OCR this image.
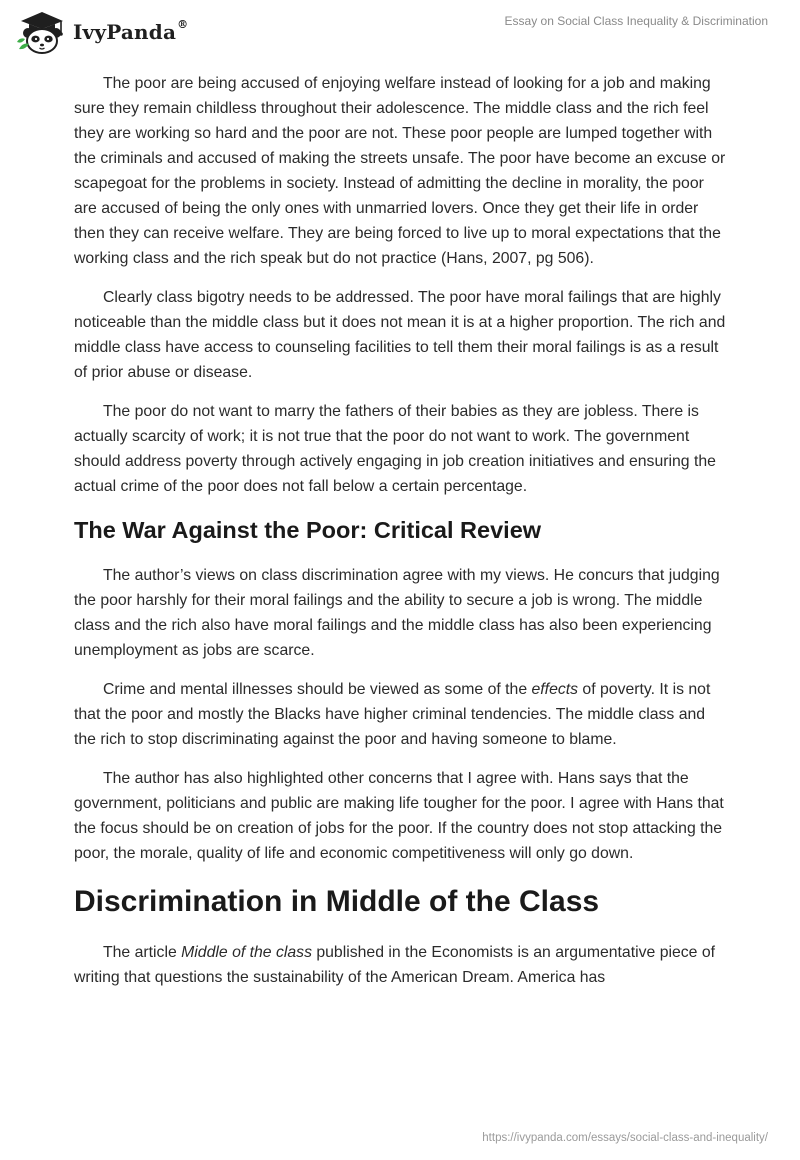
IvyPanda®	Essay on Social Class Inequality & Discrimination

The poor are being accused of enjoying welfare instead of looking for a job and making sure they remain childless throughout their adolescence. The middle class and the rich feel they are working so hard and the poor are not. These poor people are lumped together with the criminals and accused of making the streets unsafe. The poor have become an excuse or scapegoat for the problems in society. Instead of admitting the decline in morality, the poor are accused of being the only ones with unmarried lovers. Once they get their life in order then they can receive welfare. They are being forced to live up to moral expectations that the working class and the rich speak but do not practice (Hans, 2007, pg 506).

Clearly class bigotry needs to be addressed. The poor have moral failings that are highly noticeable than the middle class but it does not mean it is at a higher proportion. The rich and middle class have access to counseling facilities to tell them their moral failings is as a result of prior abuse or disease.

The poor do not want to marry the fathers of their babies as they are jobless. There is actually scarcity of work; it is not true that the poor do not want to work. The government should address poverty through actively engaging in job creation initiatives and ensuring the actual crime of the poor does not fall below a certain percentage.

The War Against the Poor: Critical Review

The author’s views on class discrimination agree with my views. He concurs that judging the poor harshly for their moral failings and the ability to secure a job is wrong. The middle class and the rich also have moral failings and the middle class has also been experiencing unemployment as jobs are scarce.

Crime and mental illnesses should be viewed as some of the effects of poverty. It is not that the poor and mostly the Blacks have higher criminal tendencies. The middle class and the rich to stop discriminating against the poor and having someone to blame.

The author has also highlighted other concerns that I agree with. Hans says that the government, politicians and public are making life tougher for the poor. I agree with Hans that the focus should be on creation of jobs for the poor. If the country does not stop attacking the poor, the morale, quality of life and economic competitiveness will only go down.

Discrimination in Middle of the Class

The article Middle of the class published in the Economists is an argumentative piece of writing that questions the sustainability of the American Dream. America has

https://ivypanda.com/essays/social-class-and-inequality/
